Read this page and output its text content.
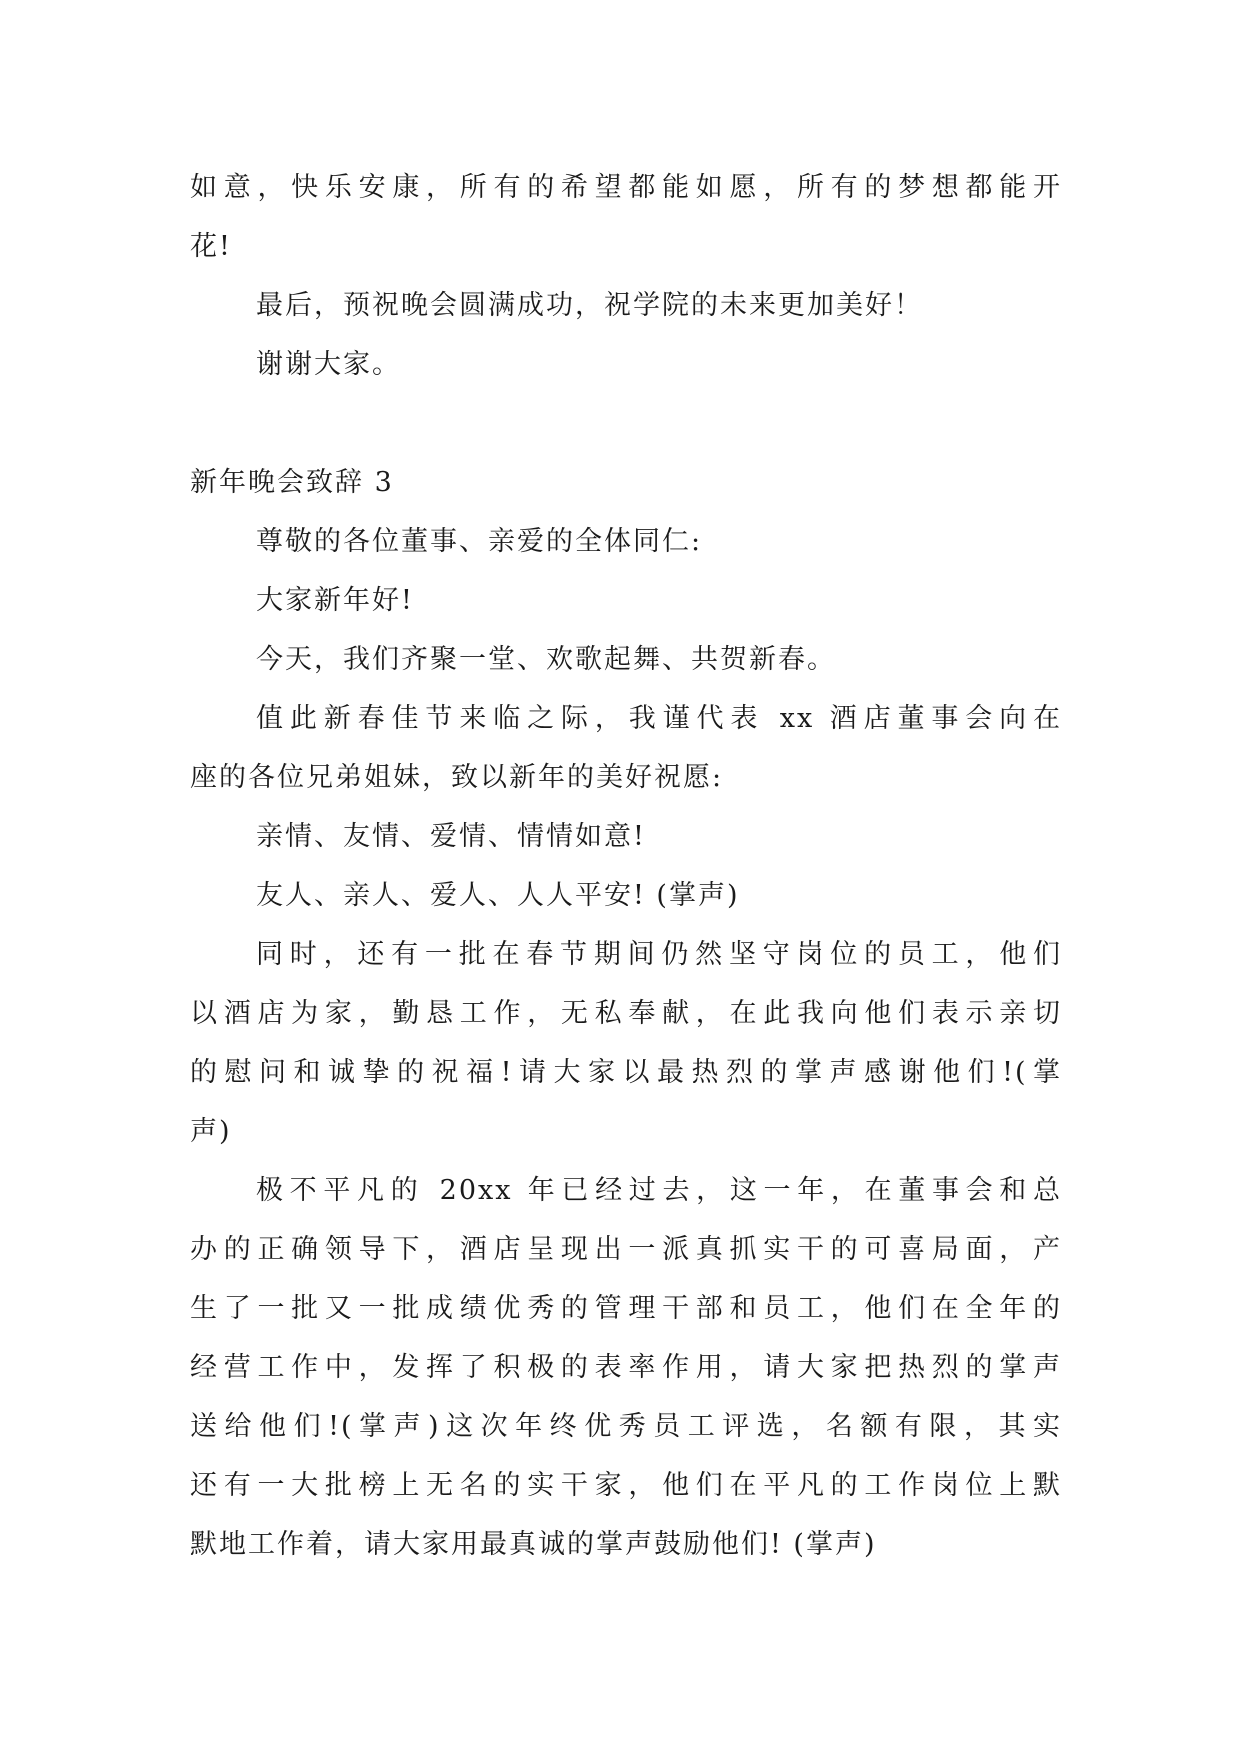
如意，快乐安康，所有的希望都能如愿，所有的梦想都能开
花!
最后，预祝晚会圆满成功，祝学院的未来更加美好！
谢谢大家。
新年晚会致辞 3
尊敬的各位董事、亲爱的全体同仁:
大家新年好!
今天，我们齐聚一堂、欢歌起舞、共贺新春。
值此新春佳节来临之际，我谨代表 xx 酒店董事会向在
座的各位兄弟姐妹，致以新年的美好祝愿:
亲情、友情、爱情、情情如意!
友人、亲人、爱人、人人平安! (掌声)
同时，还有一批在春节期间仍然坚守岗位的员工，他们
以酒店为家，勤恳工作，无私奉献，在此我向他们表示亲切
的慰问和诚挚的祝福!请大家以最热烈的掌声感谢他们!(掌
声)
极不平凡的 20xx 年已经过去，这一年，在董事会和总
办的正确领导下，酒店呈现出一派真抓实干的可喜局面，产
生了一批又一批成绩优秀的管理干部和员工，他们在全年的
经营工作中，发挥了积极的表率作用，请大家把热烈的掌声
送给他们!(掌声)这次年终优秀员工评选，名额有限，其实
还有一大批榜上无名的实干家，他们在平凡的工作岗位上默
默地工作着，请大家用最真诚的掌声鼓励他们! (掌声)
